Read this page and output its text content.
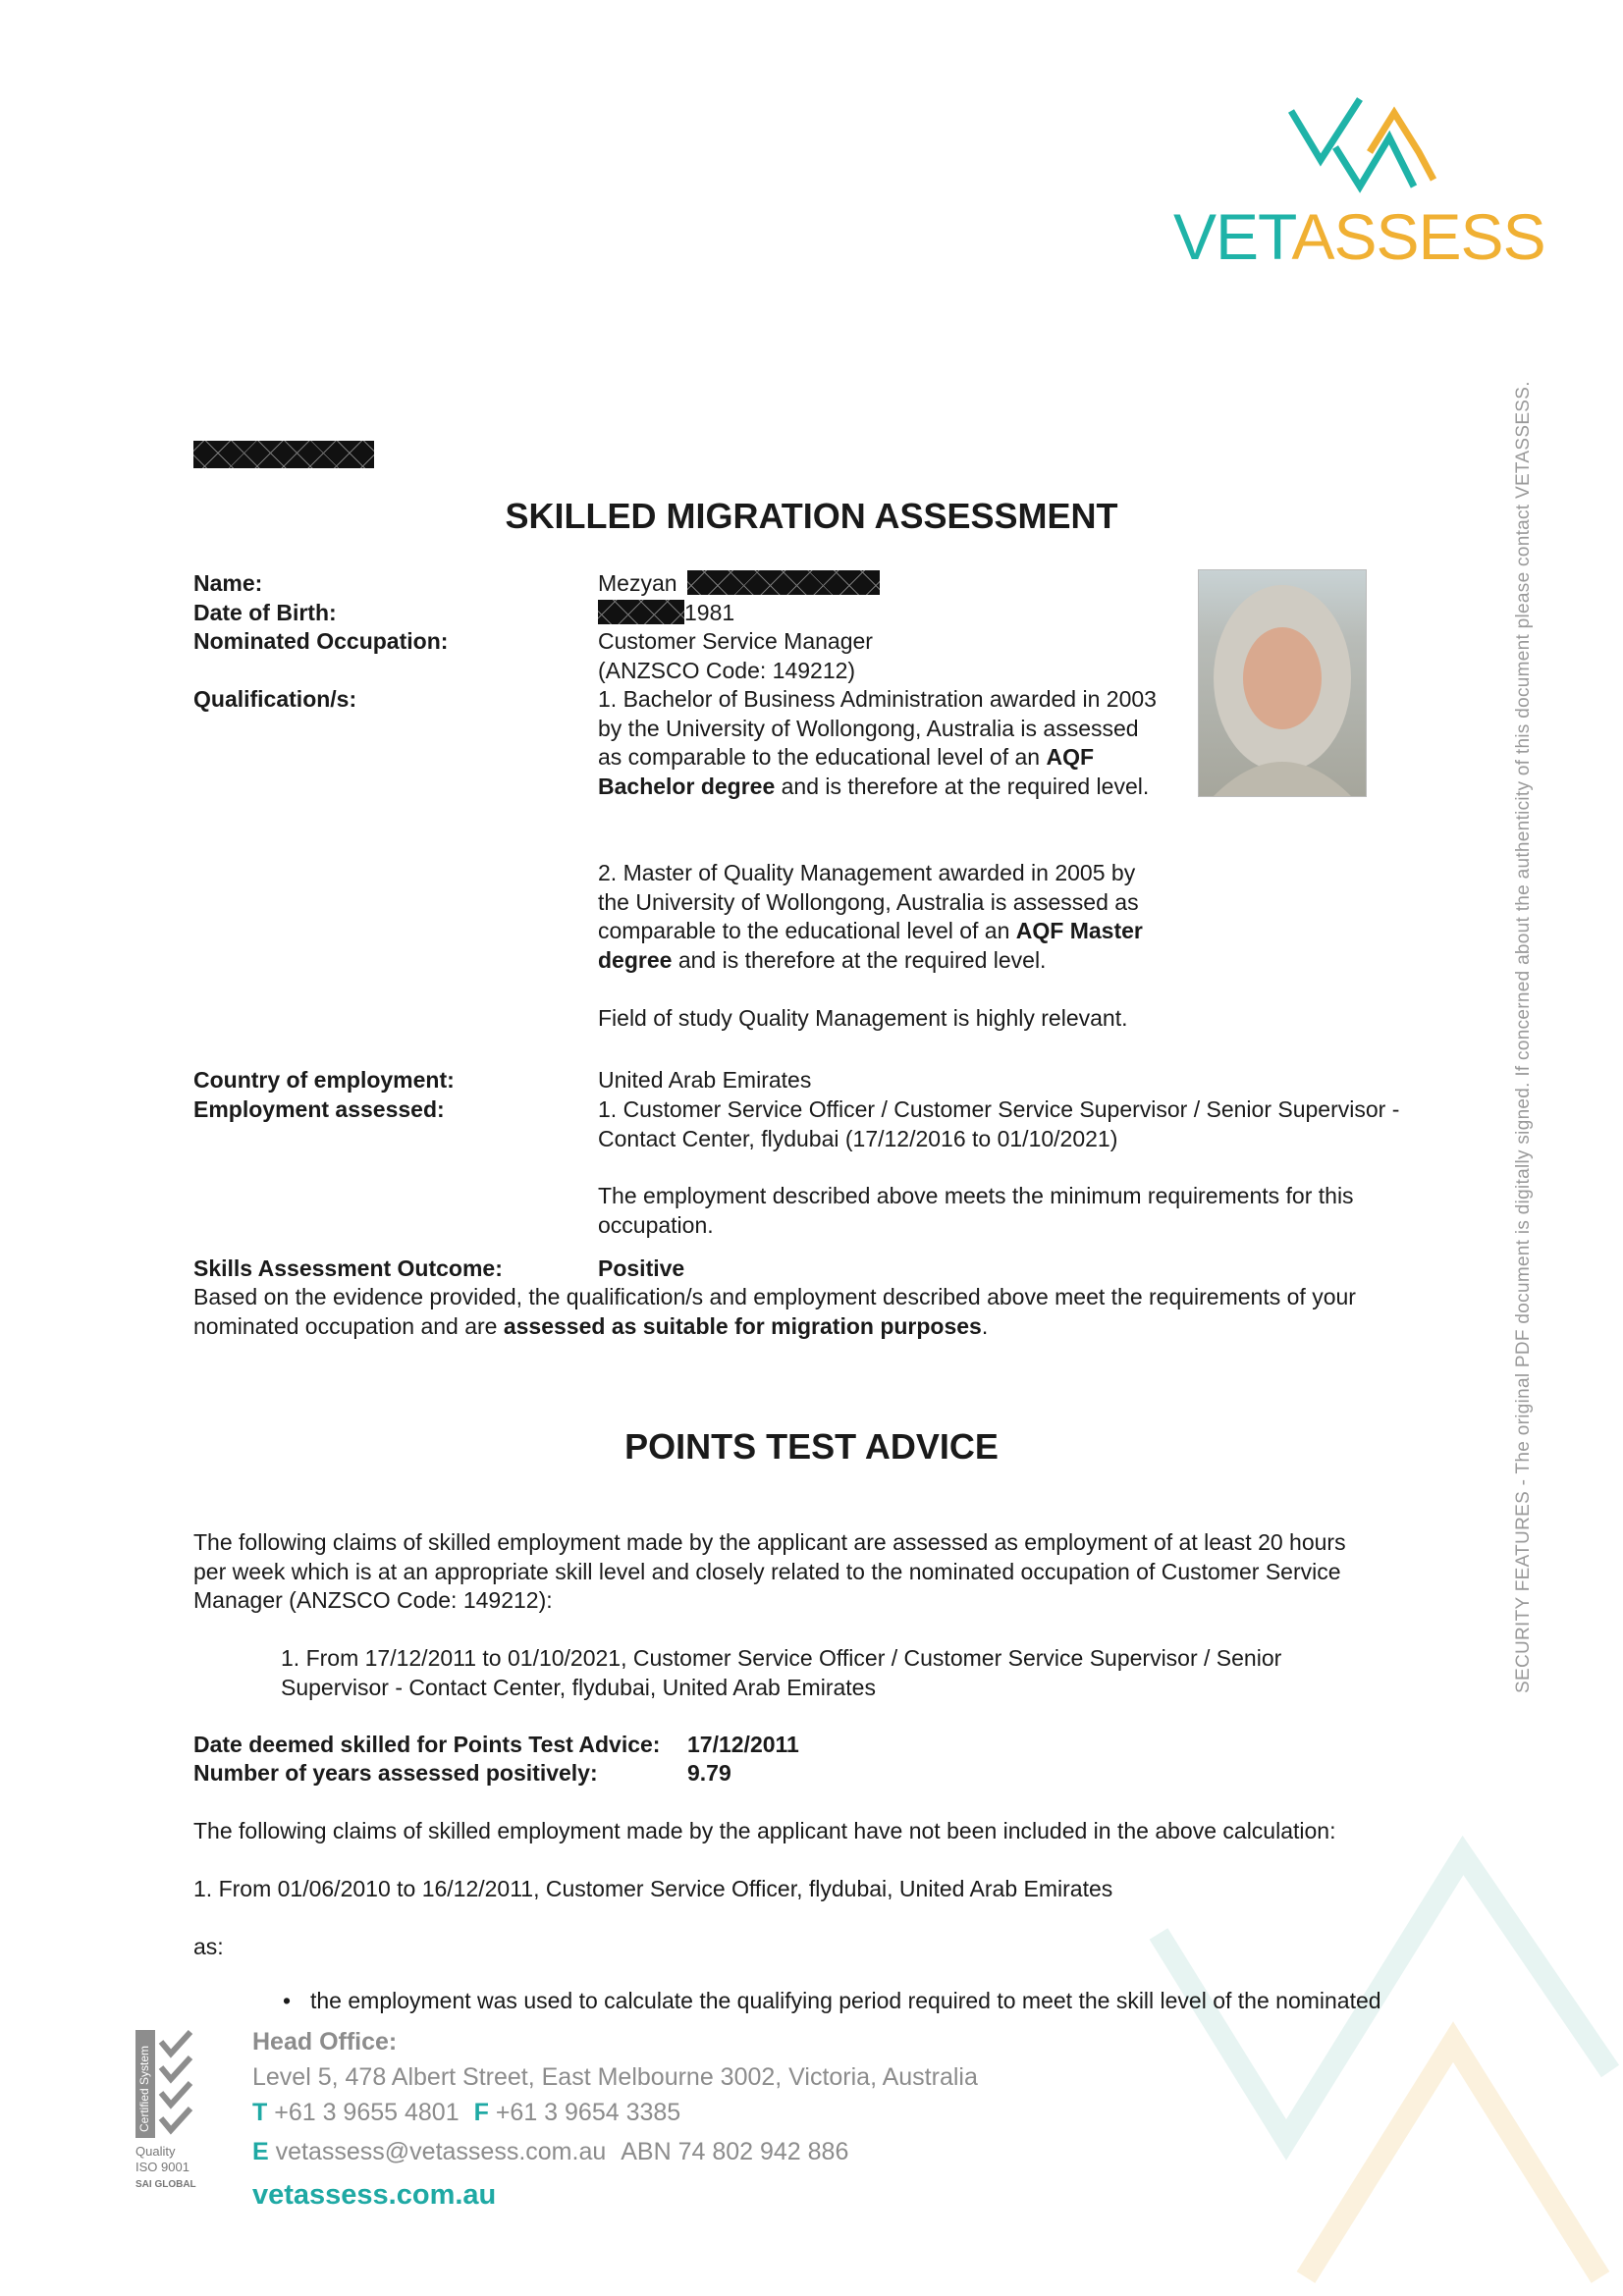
VETASSESS
SECURITY FEATURES - The original PDF document is digitally signed. If concerned about the authenticity of this document please contact VETASSESS.
SKILLED MIGRATION ASSESSMENT
Name:
Date of Birth:
Nominated Occupation:
Qualification/s:
Mezyan
1981
Customer Service Manager
(ANZSCO Code: 149212)
1. Bachelor of Business Administration awarded in 2003
by the University of Wollongong, Australia is assessed
as comparable to the educational level of an AQF
Bachelor degree and is therefore at the required level.
2. Master of Quality Management awarded in 2005 by
the University of Wollongong, Australia is assessed as
comparable to the educational level of an AQF Master
degree and is therefore at the required level.
Field of study Quality Management is highly relevant.
Country of employment:
Employment assessed:
United Arab Emirates
1. Customer Service Officer / Customer Service Supervisor / Senior Supervisor -
Contact Center, flydubai (17/12/2016 to 01/10/2021)
The employment described above meets the minimum requirements for this
occupation.
Skills Assessment Outcome:	Positive
Based on the evidence provided, the qualification/s and employment described above meet the requirements of your
nominated occupation and are assessed as suitable for migration purposes.
POINTS TEST ADVICE
The following claims of skilled employment made by the applicant are assessed as employment of at least 20 hours
per week which is at an appropriate skill level and closely related to the nominated occupation of Customer Service
Manager (ANZSCO Code: 149212):
1. From 17/12/2011 to 01/10/2021, Customer Service Officer / Customer Service Supervisor / Senior
Supervisor - Contact Center, flydubai, United Arab Emirates
Date deemed skilled for Points Test Advice: 17/12/2011
Number of years assessed positively:	9.79
The following claims of skilled employment made by the applicant have not been included in the above calculation:
1. From 01/06/2010 to 16/12/2011, Customer Service Officer, flydubai, United Arab Emirates
as:
• the employment was used to calculate the qualifying period required to meet the skill level of the nominated
Certified System
Quality
ISO 9001
SAI GLOBAL
Head Office:
Level 5, 478 Albert Street, East Melbourne 3002, Victoria, Australia
T +61 3 9655 4801 F +61 3 9654 3385
E vetassess@vetassess.com.au ABN 74 802 942 886
vetassess.com.au
